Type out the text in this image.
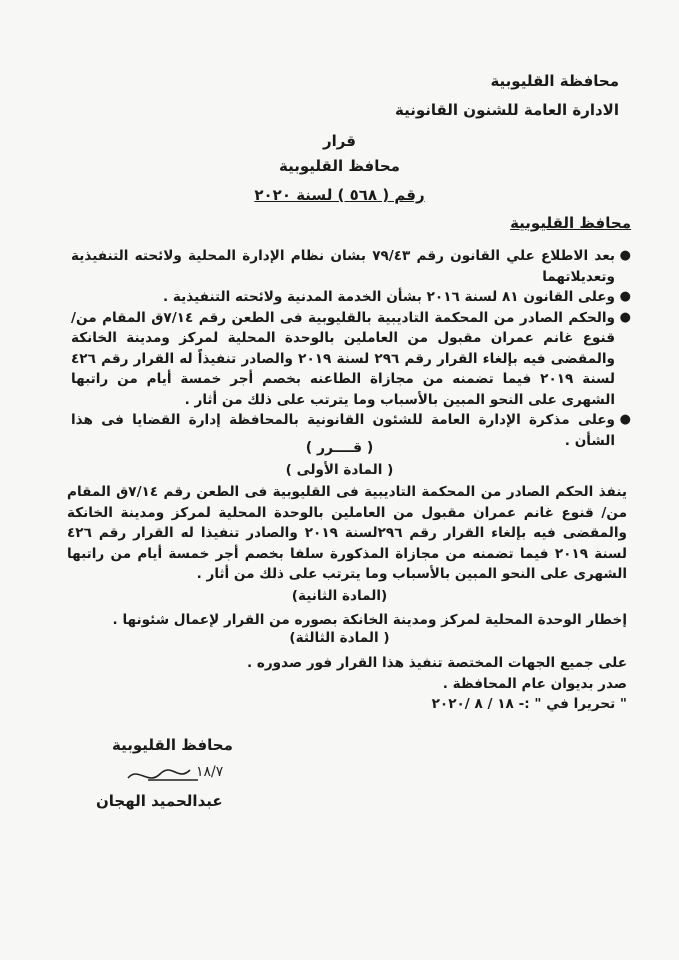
محافظة القليوبية
الادارة العامة للشنون القانونية
قرار
محافظ القليوبية
رقم ( ٥٦٨ ) لسنة ٢٠٢٠
محافظ القليوبية
●
بعد الاطلاع علي القانون رقم ٧٩/٤٣ بشان نظام الإدارة المحلية ولائحته التنفيذية وتعديلاتهما
●
وعلى القانون ٨١ لسنة ٢٠١٦ بشأن الخدمة المدنية ولائحته التنفيذية .
●
والحكم الصادر من المحكمة التاديبية بالقليوبية فى الطعن رقم ٧/١٤ق المقام من/ قنوع غانم عمران مقبول من العاملين بالوحدة المحلية لمركز ومدينة الخانكة والمقضى فيه بإلغاء القرار رقم ٢٩٦ لسنة ٢٠١٩ والصادر تنفيذاً له القرار رقم ٤٢٦ لسنة ٢٠١٩ فيما تضمنه من مجازاة الطاعنه بخصم أجر خمسة أيام من راتبها الشهرى على النحو المبين بالأسباب وما يترتب على ذلك من أثار .
●
وعلى مذكرة الإدارة العامة للشئون القانونية بالمحافظة إدارة القضايا فى هذا الشأن .
( قــــرر )
( المادة الأولى )
ينفذ الحكم الصادر من المحكمة التاديبية فى القليوبية فى الطعن رقم ٧/١٤ق المقام من/ قنوع غانم عمران مقبول من العاملين بالوحدة المحلية لمركز ومدينة الخانكة والمقضى فيه بإلغاء القرار رقم ٢٩٦لسنة ٢٠١٩ والصادر تنفيذا له القرار رقم ٤٢٦ لسنة ٢٠١٩ فيما تضمنه من مجازاة المذكورة سلفا بخصم أجر خمسة أيام من راتبها الشهرى على النحو المبين بالأسباب وما يترتب على ذلك من أثار .
(المادة الثانية)
إخطار الوحدة المحلية لمركز ومدينة الخانكة بصوره من القرار لإعمال شئونها .
( المادة الثالثة)
على جميع الجهات المختصة تنفيذ هذا القرار فور صدوره .
صدر بديوان عام المحافظة .
" تحريرا في " :- ١٨ / ٨ /٢٠٢٠
محافظ القليوبية
١٨/٧
عبدالحميد الهجان
